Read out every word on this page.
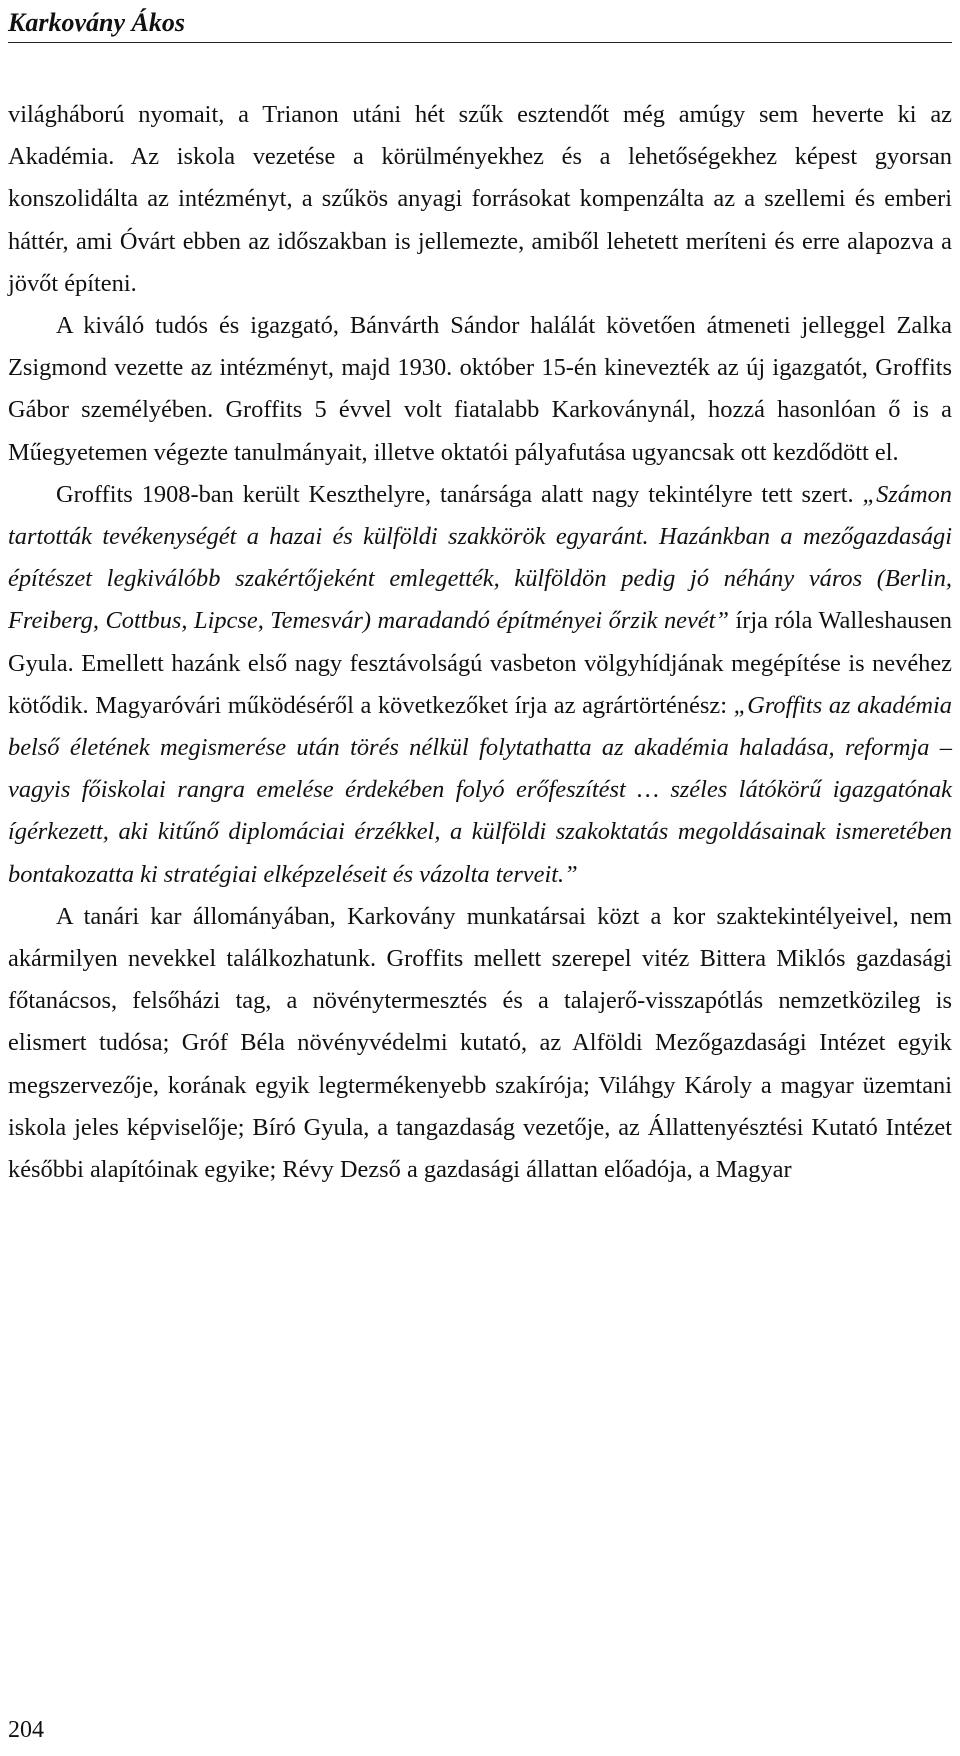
Karkovány Ákos

világháború nyomait, a Trianon utáni hét szűk esztendőt még amúgy sem heverte ki az Akadémia. Az iskola vezetése a körülményekhez és a lehetőségekhez képest gyorsan konszolidálta az intézményt, a szűkös anyagi forrásokat kompenzálta az a szellemi és emberi háttér, ami Óvárt ebben az időszakban is jellemezte, amiből lehetett meríteni és erre alapozva a jövőt építeni.

A kiváló tudós és igazgató, Bánvárth Sándor halálát követően átmeneti jelleggel Zalka Zsigmond vezette az intézményt, majd 1930. október 15-én kinevezték az új igazgatót, Groffits Gábor személyében. Groffits 5 évvel volt fiatalabb Karkoványnál, hozzá hasonlóan ő is a Műegyetemen végezte tanulmányait, illetve oktatói pályafutása ugyancsak ott kezdődött el.

Groffits 1908-ban került Keszthelyre, tanársága alatt nagy tekintélyre tett szert. „Számon tartották tevékenységét a hazai és külföldi szakkörök egyaránt. Hazánkban a mezőgazdasági építészet legkiválóbb szakértőjeként emlegették, külföldön pedig jó néhány város (Berlin, Freiberg, Cottbus, Lipcse, Temesvár) maradandó építményei őrzik nevét” írja róla Walleshausen Gyula. Emellett hazánk első nagy fesztávolságú vasbeton völgyhídjának megépítése is nevéhez kötődik. Magyaróvári működéséről a következőket írja az agrártörténész: „Groffits az akadémia belső életének megismerése után törés nélkül folytathatta az akadémia haladása, reformja – vagyis főiskolai rangra emelése érdekében folyó erőfeszítést … széles látókörű igazgatónak ígérkezett, aki kitűnő diplomáciai érzékkel, a külföldi szakoktatás megoldásainak ismeretében bontakozatta ki stratégiai elképzeléseit és vázolta terveit.”

A tanári kar állományában, Karkovány munkatársai közt a kor szaktekintélyeivel, nem akármilyen nevekkel találkozhatunk. Groffits mellett szerepel vitéz Bittera Miklós gazdasági főtanácsos, felsőházi tag, a növénytermesztés és a talajerő-visszapótlás nemzetközileg is elismert tudósa; Gróf Béla növényvédelmi kutató, az Alföldi Mezőgazdasági Intézet egyik megszervezője, korának egyik legtermékenyebb szakírója; Viláhgy Károly a magyar üzemtani iskola jeles képviselője; Bíró Gyula, a tangazdaság vezetője, az Állattenyésztési Kutató Intézet későbbi alapítóinak egyike; Révy Dezső a gazdasági állattan előadója, a Magyar

204
